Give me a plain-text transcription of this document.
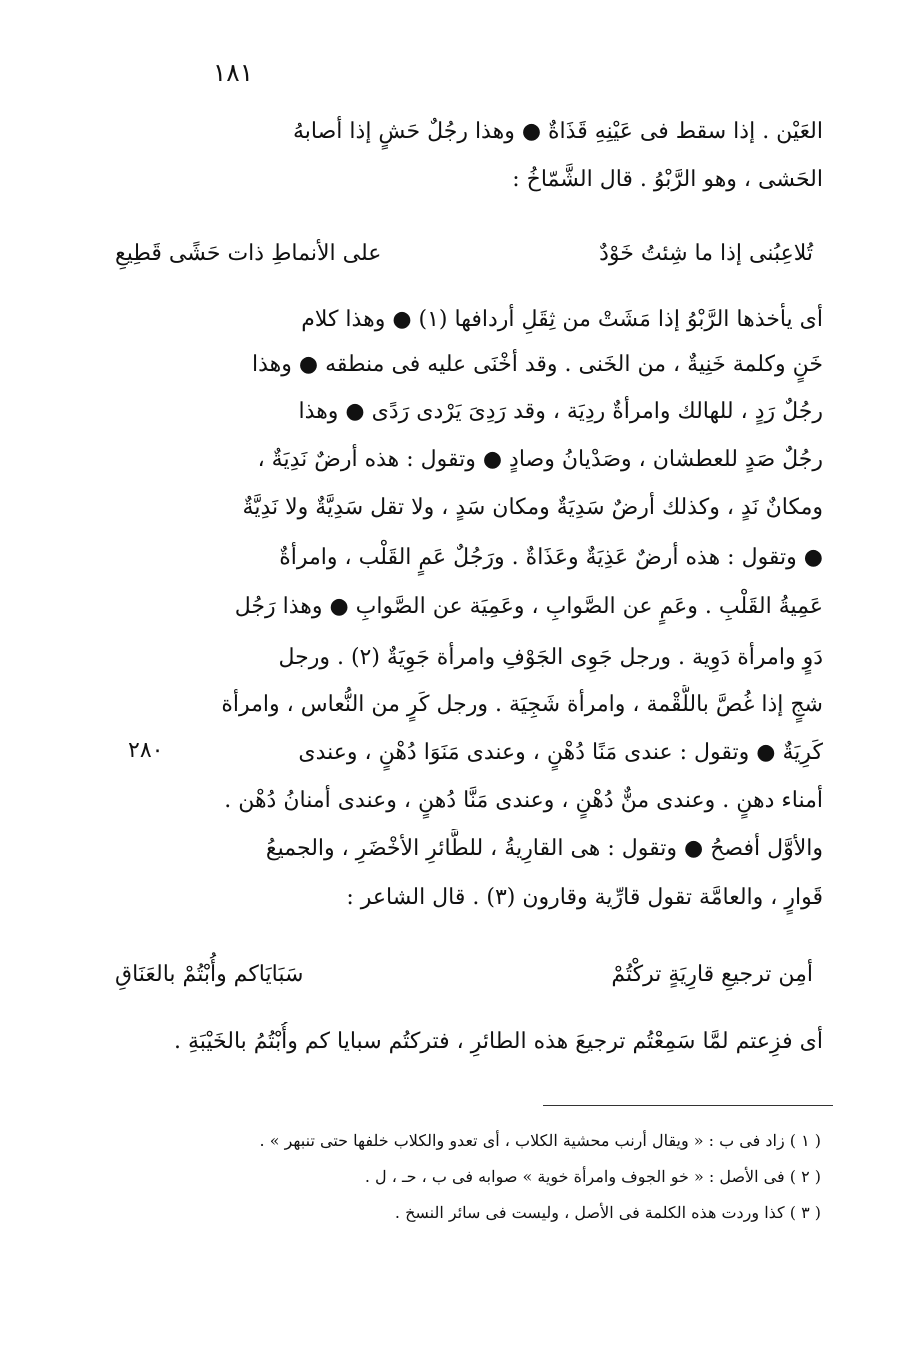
١٨١
العَيْن . إذا سقط فى عَيْنِهِ قَذَاةٌ ● وهذا رجُلٌ حَشٍ إذا أصابهُ
الحَشى ، وهو الرَّبْوُ . قال الشَّمّاخُ :
تُلاعِبُنى إذا ما شِئتُ خَوْدٌ
على الأنماطِ ذات حَشًى قَطِيعِ
أى يأخذها الرَّبْوُ إذا مَشَتْ من ثِقَلِ أردافها (١) ● وهذا كلام
خَنٍ وكلمة خَنِيةٌ ، من الخَنى . وقد أخْنَى عليه فى منطقه ● وهذا
رجُلٌ رَدٍ ، للهالك وامرأةٌ ردِيَة ، وقد رَدِىَ يَرْدى رَدًى ● وهذا
رجُلٌ صَدٍ للعطشان ، وصَدْيانُ وصادٍ ● وتقول : هذه أرضٌ نَدِيَةٌ ،
ومكانٌ نَدٍ ، وكذلك أرضٌ سَدِيَةٌ ومكان سَدٍ ، ولا تقل سَدِيَّةٌ ولا نَدِيَّةٌ
● وتقول : هذه أرضٌ عَذِيَةٌ وعَذَاةٌ . ورَجُلٌ عَمٍ القَلْب ، وامرأةٌ
عَمِيةُ القَلْبِ . وعَمٍ عن الصَّوابِ ، وعَمِيَة عن الصَّوابِ ● وهذا رَجُل
دَوٍ وامرأة دَوِية . ورجل جَوِى الجَوْفِ وامرأة جَوِيَةٌ (٢) . ورجل
شجٍ إذا غُصَّ باللُّقْمة ، وامرأة شَجِيَة . ورجل كَرٍ من النُّعاس ، وامرأة
كَرِيَةٌ ● وتقول : عندى مَنًا دُهْنٍ ، وعندى مَنَوَا دُهْنٍ ، وعندى
أمناء دهنٍ . وعندى منٌّ دُهْنٍ ، وعندى مَنَّا دُهنٍ ، وعندى أمنانُ دُهْن .
والأوَّل أفصحُ ● وتقول : هى القارِيةُ ، للطَّائرِ الأخْضَرِ ، والجميعُ
قَوارٍ ، والعامَّة تقول قارِّية وقارون (٣) . قال الشاعر :
٢٨٠
أمِن ترجيعِ قارِيَةٍ تركْتُمْ
سَبَايَاكم وأُبْتُمْ بالعَنَاقِ
أى فزِعتم لمَّا سَمِعْتُم ترجيعَ هذه الطائرِ ، فتركتُم سبايا كم وأُبْتُمُ بالخَيْبَةِ .
( ١ ) زاد فى ب : « ويقال أرنب محشية الكلاب ، أى تعدو والكلاب خلفها حتى تنبهر » .
( ٢ ) فى الأصل : « خو الجوف وامرأة خوية » صوابه فى ب ، حـ ، ل .
( ٣ ) كذا وردت هذه الكلمة فى الأصل ، وليست فى سائر النسخ .
